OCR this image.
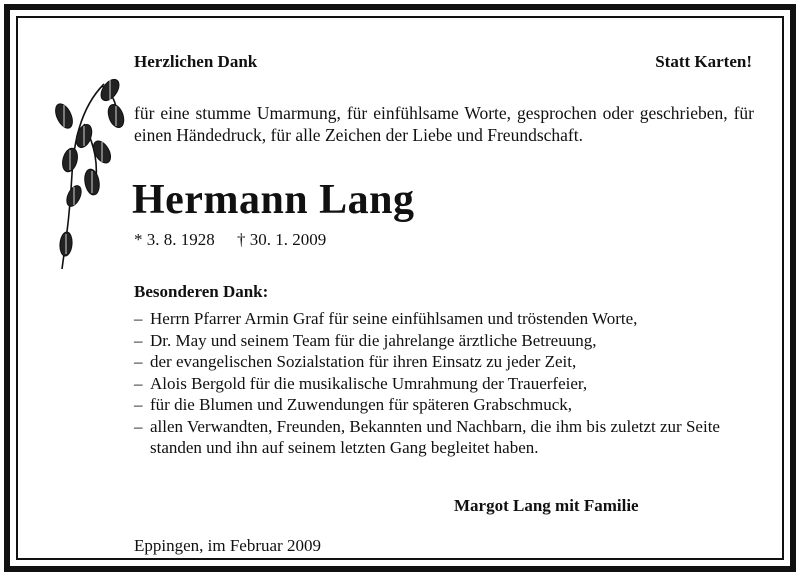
Herzlichen Dank	Statt Karten!
für eine stumme Umarmung, für einfühlsame Worte, gesprochen oder geschrieben, für einen Händedruck, für alle Zeichen der Liebe und Freundschaft.
Hermann Lang
* 3. 8. 1928 † 30. 1. 2009
Besonderen Dank:
– Herrn Pfarrer Armin Graf für seine einfühlsamen und tröstenden Worte,
– Dr. May und seinem Team für die jahrelange ärztliche Betreuung,
– der evangelischen Sozialstation für ihren Einsatz zu jeder Zeit,
– Alois Bergold für die musikalische Umrahmung der Trauerfeier,
– für die Blumen und Zuwendungen für späteren Grabschmuck,
– allen Verwandten, Freunden, Bekannten und Nachbarn, die ihm bis zuletzt zur Seite standen und ihn auf seinem letzten Gang begleitet haben.
Margot Lang mit Familie
Eppingen, im Februar 2009
